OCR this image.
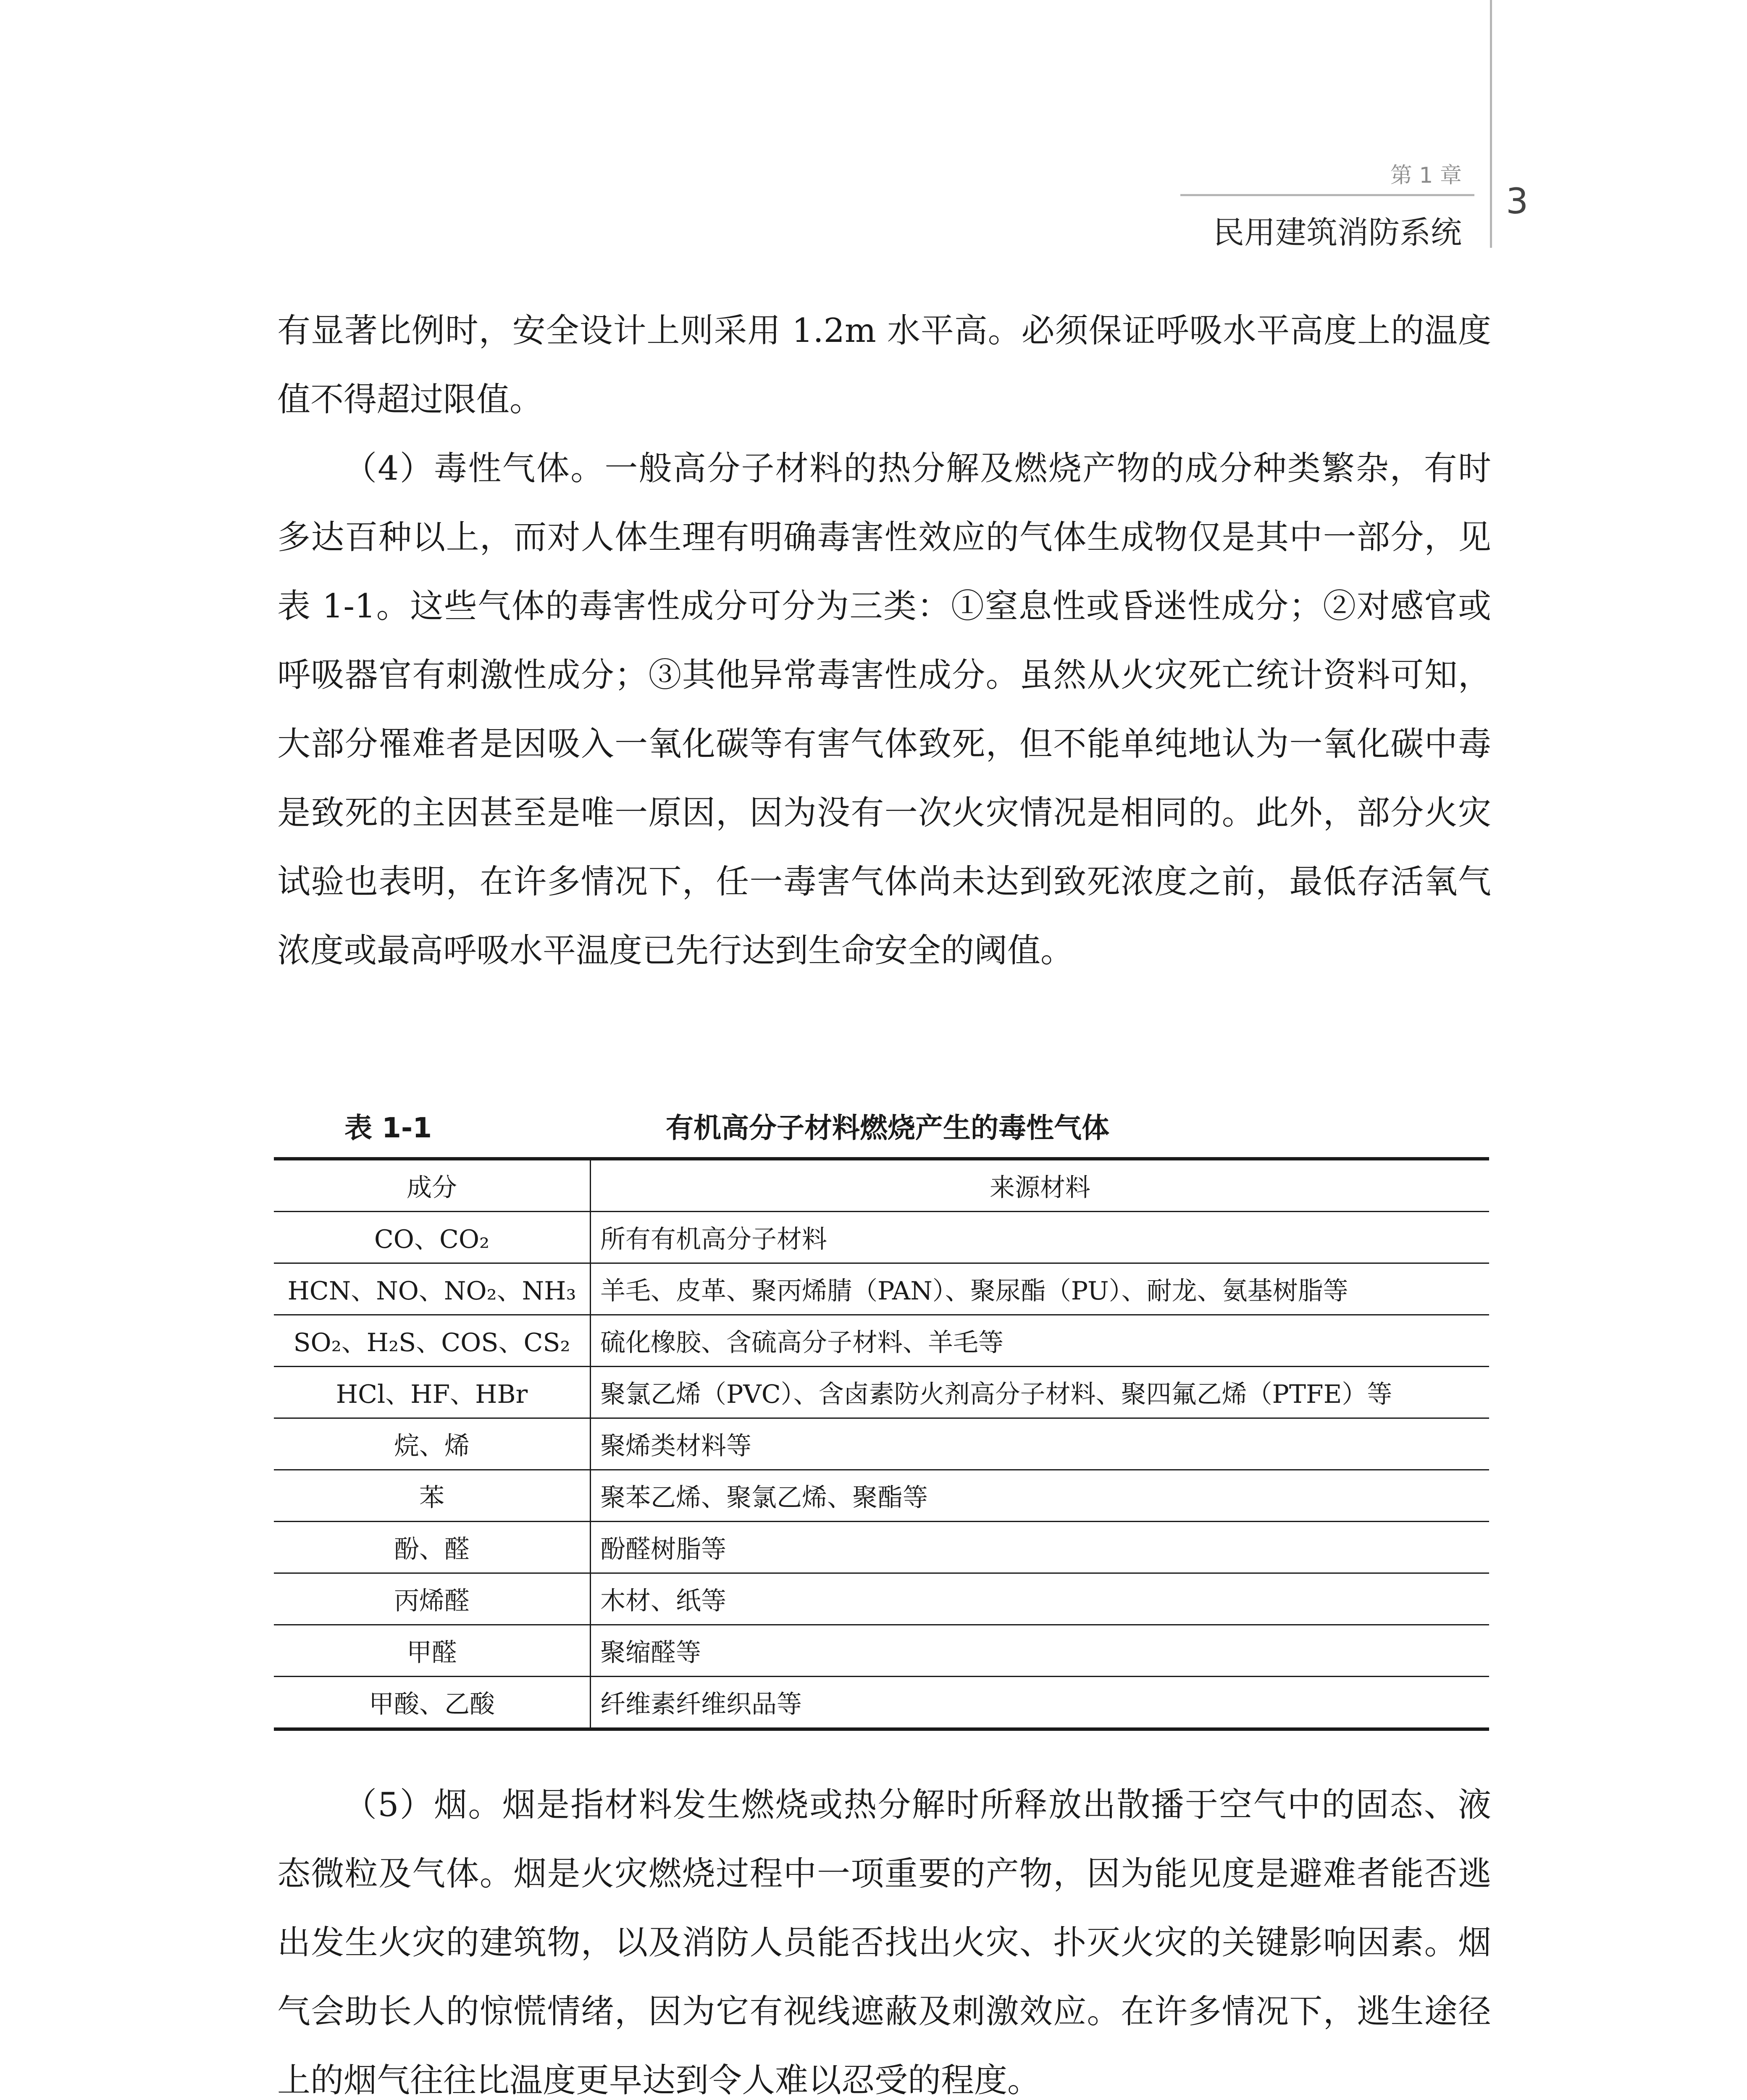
第 1 章
民用建筑消防系统
3

有显著比例时，安全设计上则采用 1.2m 水平高。必须保证呼吸水平高度上的温度值不得超过限值。

（4）毒性气体。一般高分子材料的热分解及燃烧产物的成分种类繁杂，有时多达百种以上，而对人体生理有明确毒害性效应的气体生成物仅是其中一部分，见表 1-1。这些气体的毒害性成分可分为三类：①窒息性或昏迷性成分；②对感官或呼吸器官有刺激性成分；③其他异常毒害性成分。虽然从火灾死亡统计资料可知，大部分罹难者是因吸入一氧化碳等有害气体致死，但不能单纯地认为一氧化碳中毒是致死的主因甚至是唯一原因，因为没有一次火灾情况是相同的。此外，部分火灾试验也表明，在许多情况下，任一毒害气体尚未达到致死浓度之前，最低存活氧气浓度或最高呼吸水平温度已先行达到生命安全的阈值。

表 1-1	有机高分子材料燃烧产生的毒性气体
成分	来源材料
CO、CO₂	所有有机高分子材料
HCN、NO、NO₂、NH₃	羊毛、皮革、聚丙烯腈（PAN）、聚尿酯（PU）、耐龙、氨基树脂等
SO₂、H₂S、COS、CS₂	硫化橡胶、含硫高分子材料、羊毛等
HCl、HF、HBr	聚氯乙烯（PVC）、含卤素防火剂高分子材料、聚四氟乙烯（PTFE）等
烷、烯	聚烯类材料等
苯	聚苯乙烯、聚氯乙烯、聚酯等
酚、醛	酚醛树脂等
丙烯醛	木材、纸等
甲醛	聚缩醛等
甲酸、乙酸	纤维素纤维织品等

（5）烟。烟是指材料发生燃烧或热分解时所释放出散播于空气中的固态、液态微粒及气体。烟是火灾燃烧过程中一项重要的产物，因为能见度是避难者能否逃出发生火灾的建筑物，以及消防人员能否找出火灾、扑灭火灾的关键影响因素。烟气会助长人的惊慌情绪，因为它有视线遮蔽及刺激效应。在许多情况下，逃生途径上的烟气往往比温度更早达到令人难以忍受的程度。
